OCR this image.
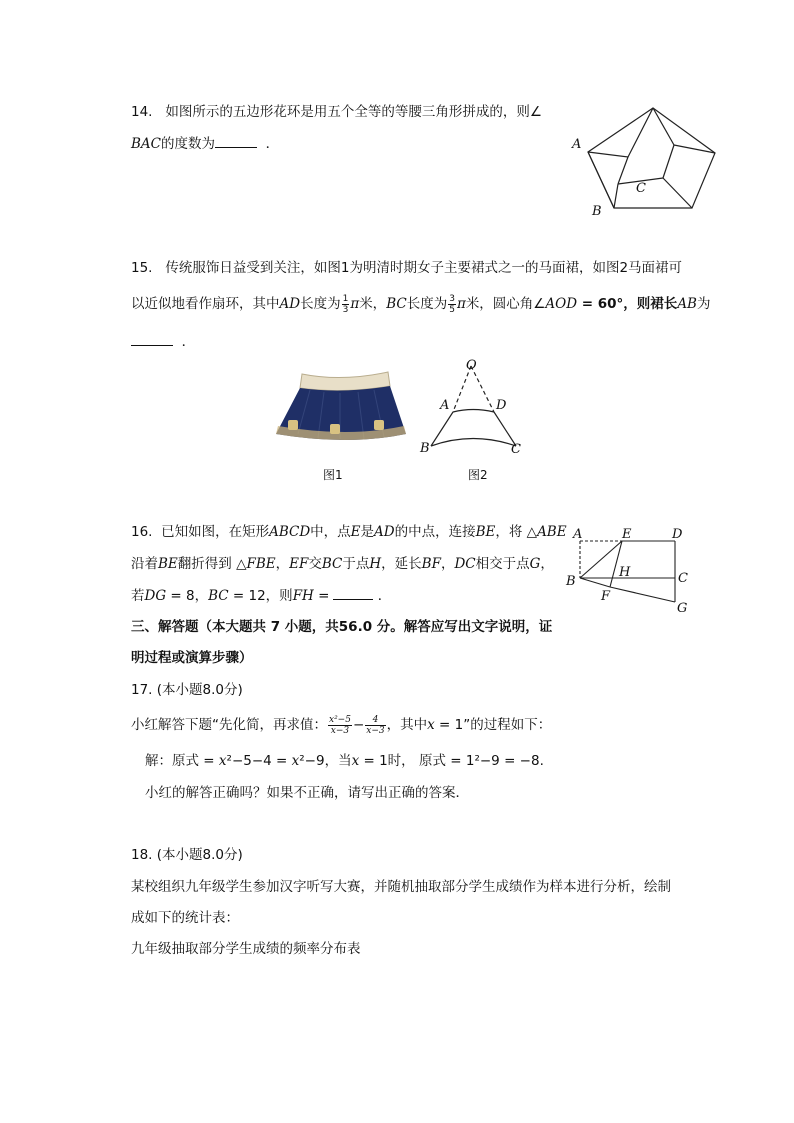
14. 如图所示的五边形花环是用五个全等的等腰三角形拼成的，则∠
BAC的度数为	．	A
B
C
15. 传统服饰日益受到关注，如图1为明清时期女子主要裙式之一的马面裙，如图2马面裙可
以近似地看作扇环，其中AD长度为 $\frac{1}{3}$ π米，BC长度为 $\frac{3}{5}$ π米，圆心角∠AOD = 60°，则裙长AB为
．
图1
O
A	D
B	C
图2
16. 已知如图，在矩形ABCD中，点E是AD的中点，连接BE，将 △ABE
沿着BE翻折得到 △FBE，EF交BC于点H，延长BF，DC相交于点G，
若DG = 8，BC = 12，则FH =	．
A	E	D
B
H	C
F
G
三、解答题（本大题共 7 小题，共56.0 分。解答应写出文字说明，证
明过程或演算步骤）
17. (本小题8.0分)
小红解答下题“先化简，再求值： $\frac{\text{x²−5}}{x-3} - \frac{4}{x-3}$ ，其中x = 1”的过程如下：
解：原式 = x²−5−4 = x²−9，当x = 1时， 原式 = 1²−9 = −8.
小红的解答正确吗？如果不正确，请写出正确的答案．
18. (本小题8.0分)
某校组织九年级学生参加汉字听写大赛，并随机抽取部分学生成绩作为样本进行分析，绘制
成如下的统计表：
九年级抽取部分学生成绩的频率分布表
